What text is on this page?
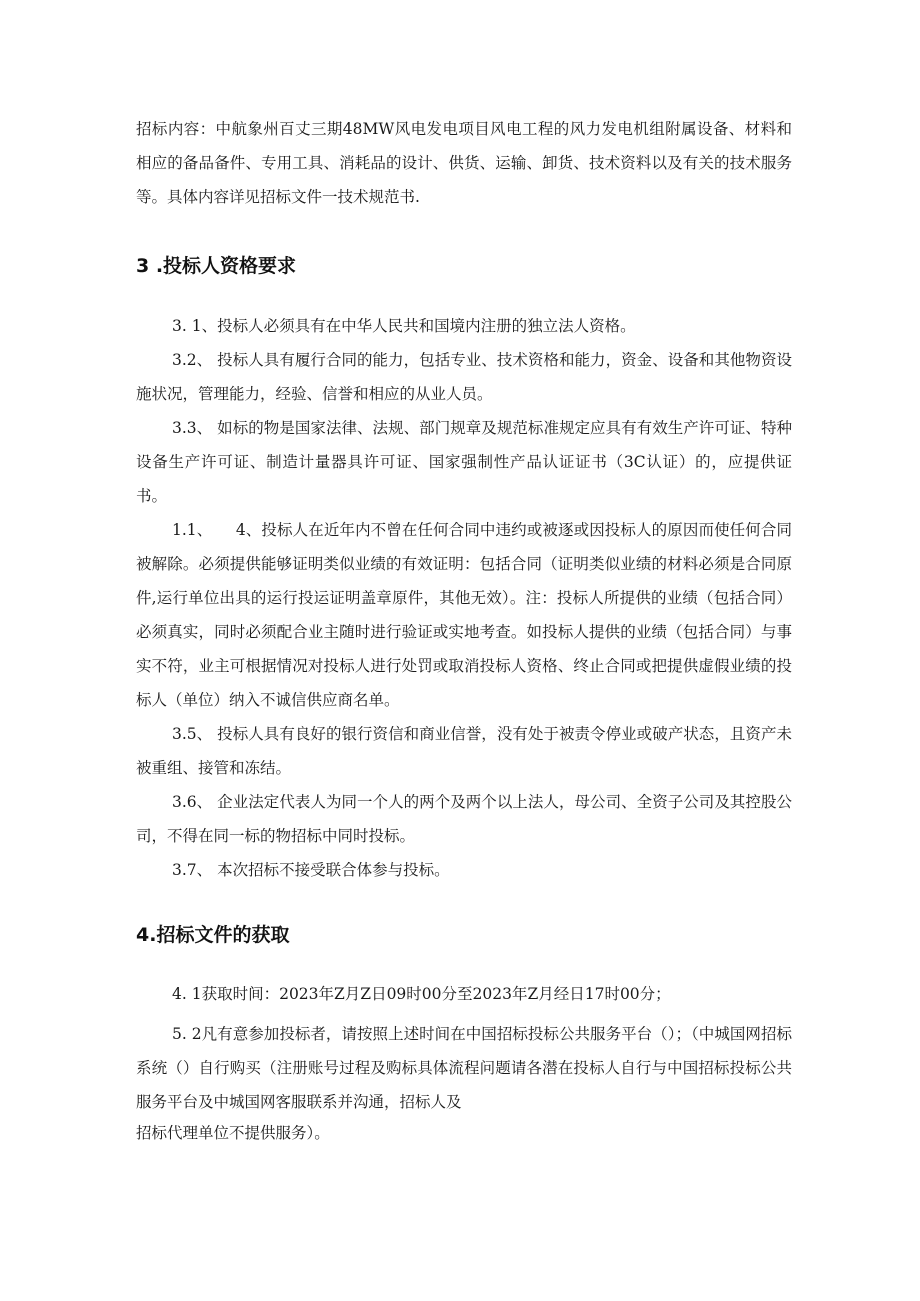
招标内容：中航象州百丈三期48MW风电发电项目风电工程的风力发电机组附属设备、材料和相应的备品备件、专用工具、消耗品的设计、供货、运输、卸货、技术资料以及有关的技术服务等。具体内容详见招标文件一技术规范书.

3 .投标人资格要求

3. 1、投标人必须具有在中华人民共和国境内注册的独立法人资格。

3.2、 投标人具有履行合同的能力，包括专业、技术资格和能力，资金、设备和其他物资设施状况，管理能力，经验、信誉和相应的从业人员。

3.3、 如标的物是国家法律、法规、部门规章及规范标准规定应具有有效生产许可证、特种设备生产许可证、制造计量器具许可证、国家强制性产品认证证书（3C认证）的，应提供证书。

1.1、　　4、投标人在近年内不曾在任何合同中违约或被逐或因投标人的原因而使任何合同被解除。必须提供能够证明类似业绩的有效证明：包括合同（证明类似业绩的材料必须是合同原件,运行单位出具的运行投运证明盖章原件，其他无效）。注：投标人所提供的业绩（包括合同）必须真实，同时必须配合业主随时进行验证或实地考查。如投标人提供的业绩（包括合同）与事实不符，业主可根据情况对投标人进行处罚或取消投标人资格、终止合同或把提供虚假业绩的投标人（单位）纳入不诚信供应商名单。

3.5、 投标人具有良好的银行资信和商业信誉，没有处于被责令停业或破产状态，且资产未被重组、接管和冻结。

3.6、 企业法定代表人为同一个人的两个及两个以上法人，母公司、全资子公司及其控股公司，不得在同一标的物招标中同时投标。

3.7、 本次招标不接受联合体参与投标。

4.招标文件的获取

4. 1获取时间：2023年Z月Z日09时00分至2023年Z月经日17时00分；

5. 2凡有意参加投标者，请按照上述时间在中国招标投标公共服务平台（）；（中城国网招标系统（）自行购买（注册账号过程及购标具体流程问题请各潜在投标人自行与中国招标投标公共服务平台及中城国网客服联系并沟通，招标人及

招标代理单位不提供服务）。
